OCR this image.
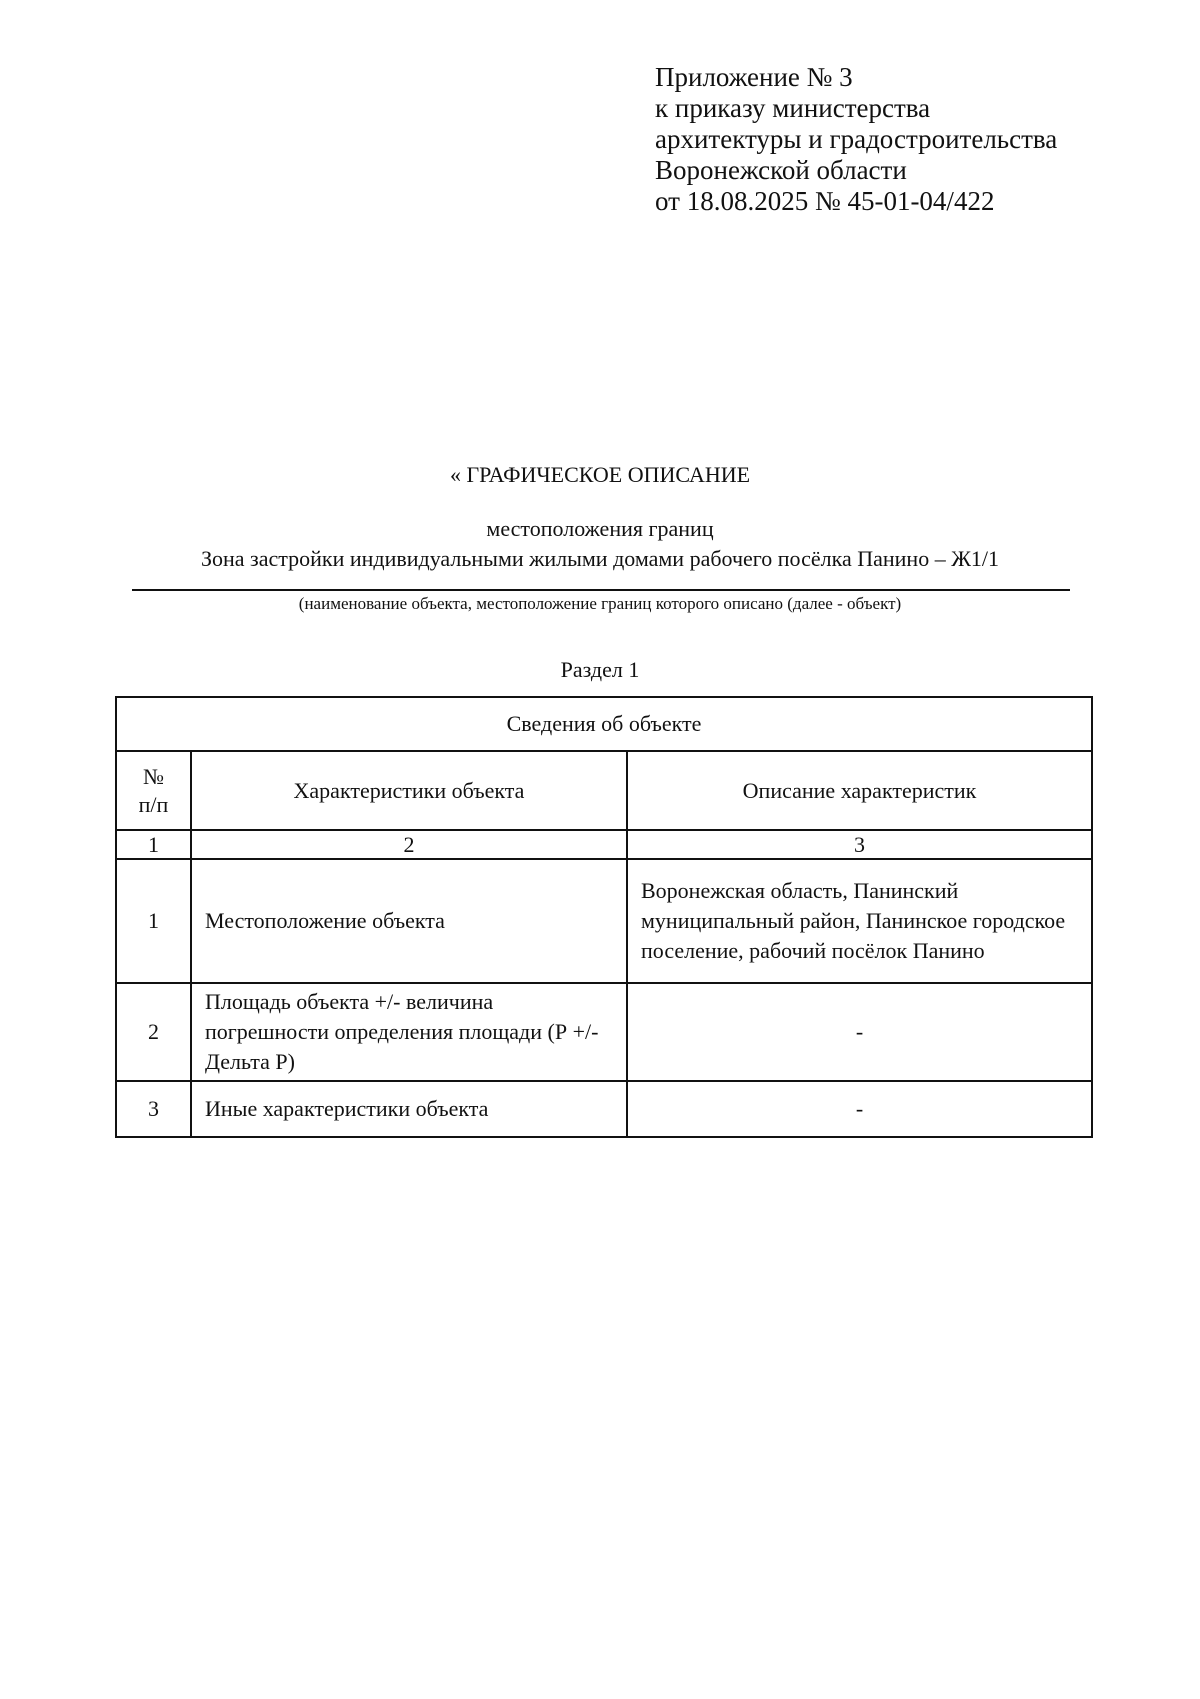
Приложение № 3
к приказу министерства
архитектуры и градостроительства
Воронежской области
от 18.08.2025 № 45-01-04/422
« ГРАФИЧЕСКОЕ ОПИСАНИЕ
местоположения границ
Зона застройки индивидуальными жилыми домами рабочего посёлка Панино – Ж1/1
(наименование объекта, местоположение границ которого описано (далее - объект)
Раздел 1
Сведения об объекте		
№
п/п	Характеристики объекта	Описание характеристик
1	2	3
1	Местоположение объекта	Воронежская область, Панинский муниципальный район, Панинское городское поселение, рабочий посёлок Панино
2	Площадь объекта +/- величина погрешности определения площади (Р +/- Дельта Р)	-
3	Иные характеристики объекта	-
